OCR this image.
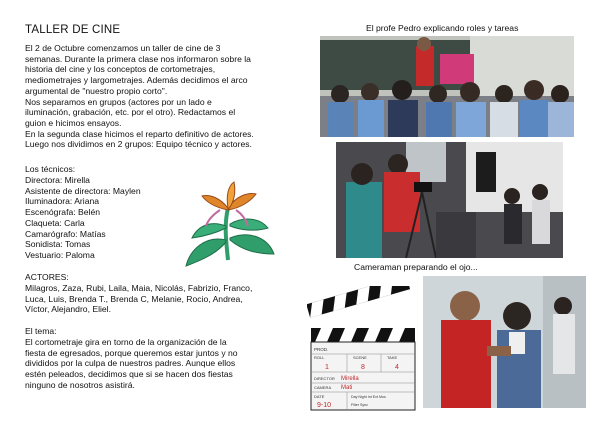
TALLER DE CINE
El 2 de Octubre comenzamos un taller de cine de 3
semanas. Durante la primera clase nos informaron sobre la
historia del cine y los conceptos de cortometrajes,
mediometrajes y largometrajes. Además decidimos el arco
argumental de "nuestro propio corto".
Nos separamos en grupos (actores por un lado e
iluminación, grabación, etc. por el otro). Redactamos el
guion e hicimos ensayos.
En la segunda clase hicimos el reparto definitivo de actores.
Luego nos dividimos en 2 grupos: Equipo técnico y actores.
Los técnicos:
Directora: Mirella
Asistente de directora: Maylen
Iluminadora: Ariana
Escenógrafa: Belén
Claqueta: Carla
Camarógrafo: Matías
Sonidista: Tomas
Vestuario: Paloma
ACTORES:
Milagros, Zaza, Rubi, Laila, Maia, Nicolás, Fabrizio, Franco,
Luca, Luis, Brenda T., Brenda C, Melanie, Rocio, Andrea,
Víctor, Alejandro, Eliel.
El tema:
El cortometraje gira en torno de la organización de la
fiesta de egresados, porque queremos estar juntos y no
divididos por la culpa de nuestros padres. Aunque ellos
estén peleados, decidimos que si se hacen dos fiestas
ninguno de nosotros asistirá.
El profe Pedro explicando roles y tareas
Cameraman preparando el ojo...
PROD.
ROLL	SCENE	TAKE
1	8	4
DIRECTOR Mirella
CAMERA Mati
DATE
9-10
Day Night Int Ext Mos
Filter Sync
